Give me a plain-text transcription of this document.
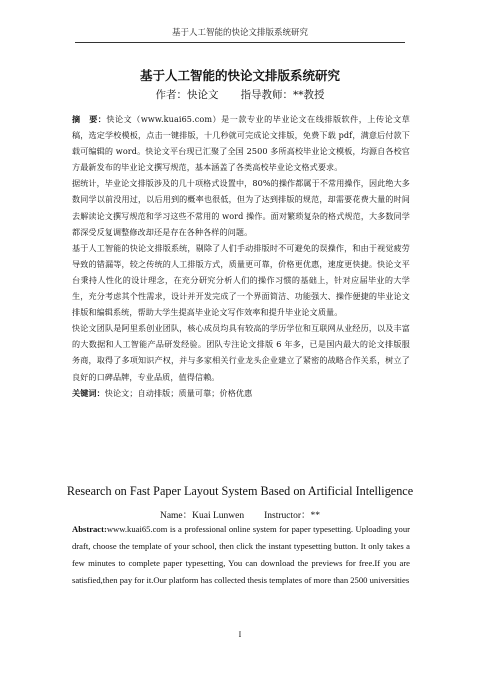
基于人工智能的快论文排版系统研究
基于人工智能的快论文排版系统研究
作者：快论文 指导教师：**教授

摘　要：快论文（www.kuai65.com）是一款专业的毕业论文在线排版软件，上传论文草稿，选定学校模板，点击一键排版，十几秒就可完成论文排版，免费下载 pdf，满意后付款下载可编辑的 word。快论文平台现已汇聚了全国 2500 多所高校毕业论文模板，均源自各校官方最新发布的毕业论文撰写规范，基本涵盖了各类高校毕业论文格式要求。

据统计，毕业论文排版涉及的几十项格式设置中，80%的操作都属于不常用操作，因此绝大多数同学以前没用过，以后用到的概率也很低，但为了达到排版的规范，却需要花费大量的时间去解读论文撰写规范和学习这些不常用的 word 操作。面对繁琐复杂的格式规范，大多数同学都深受反复调整修改却还是存在各种各样的问题。

基于人工智能的快论文排版系统，剔除了人们手动排版时不可避免的误操作，和由于视觉疲劳导致的错漏等，较之传统的人工排版方式，质量更可靠，价格更优惠，速度更快捷。快论文平台秉持人性化的设计理念，在充分研究分析人们的操作习惯的基础上，针对应届毕业的大学生，充分考虑其个性需求，设计并开发完成了一个界面简洁、功能强大、操作便捷的毕业论文排版和编辑系统，帮助大学生提高毕业论文写作效率和提升毕业论文质量。

快论文团队是阿里系创业团队，核心成员均具有较高的学历学位和互联网从业经历，以及丰富的大数据和人工智能产品研发经验。团队专注论文排版 6 年多，已是国内最大的论文排版服务商，取得了多项知识产权，并与多家相关行业龙头企业建立了紧密的战略合作关系，树立了良好的口碑品牌，专业品质，值得信赖。

关键词：快论文；自动排版；质量可靠；价格优惠

Research on Fast Paper Layout System Based on Artificial Intelligence
Name：Kuai Lunwen Instructor：**
Abstract:www.kuai65.com is a professional online system for paper typesetting. Uploading your draft, choose the template of your school, then click the instant typesetting button. It only takes a few minutes to complete paper typesetting, You can download the previews for free.If you are satisfied,then pay for it.Our platform has collected thesis templates of more than 2500 universities
I
